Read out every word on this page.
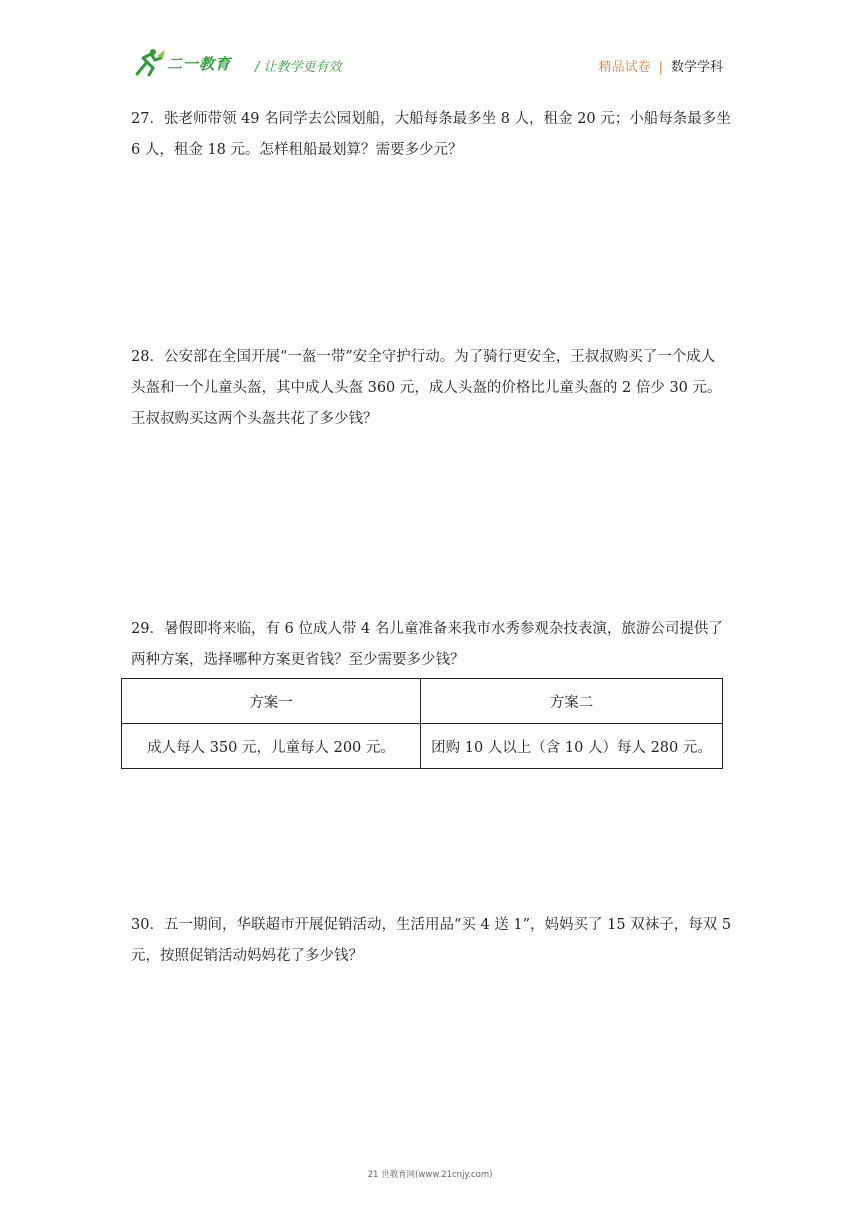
二一教育 / 让教学更有效	精品试卷 | 数学学科
27．张老师带领 49 名同学去公园划船，大船每条最多坐 8 人，租金 20 元；小船每条最多坐
6 人，租金 18 元。怎样租船最划算？需要多少元？
28．公安部在全国开展“一盔一带”安全守护行动。为了骑行更安全，王叔叔购买了一个成人
头盔和一个儿童头盔，其中成人头盔 360 元，成人头盔的价格比儿童头盔的 2 倍少 30 元。
王叔叔购买这两个头盔共花了多少钱？
29．暑假即将来临，有 6 位成人带 4 名儿童准备来我市水秀参观杂技表演，旅游公司提供了
两种方案，选择哪种方案更省钱？至少需要多少钱？
方案一	方案二
成人每人 350 元，儿童每人 200 元。	团购 10 人以上（含 10 人）每人 280 元。
30．五一期间，华联超市开展促销活动，生活用品“买 4 送 1”，妈妈买了 15 双袜子，每双 5
元，按照促销活动妈妈花了多少钱？
21 世教育网(www.21cnjy.com)
